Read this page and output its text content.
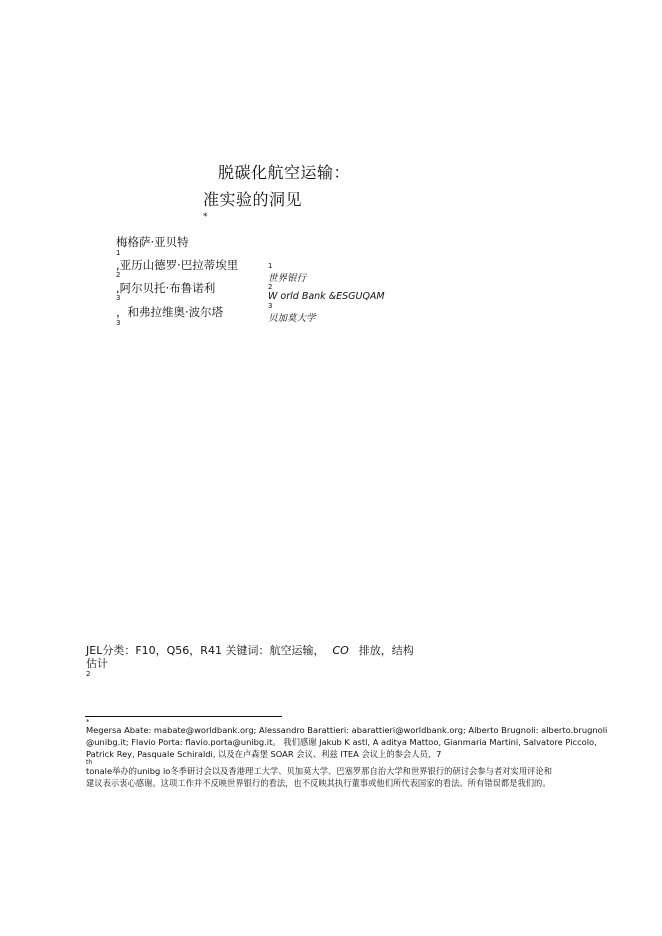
脱碳化航空运输：
准实验的洞见
*
梅格萨·亚贝特
1
,亚历山德罗·巴拉蒂埃里
2
,阿尔贝托·布鲁诺利
3
，和弗拉维奥·波尔塔
3
1
世界银行
2
W orld Bank &ESGUQAM
3
贝加莫大学
JEL分类：F10，Q56，R41 关键词：航空运输， CO 排放，结构
估计
2
*
Megersa Abate: mabate@worldbank.org; Alessandro Barattieri: abarattieri@worldbank.org; Alberto Brugnoli: alberto.brugnoli
@unibg.it; Flavio Porta: flavio.porta@unibg.it。 我们感谢 Jakub K astl, A aditya Mattoo, Gianmaria Martini, Salvatore Piccolo,
Patrick Rey, Pasquale Schiraldi, 以及在卢森堡 SOAR 会议、利兹 ITEA 会议上的参会人员，7
th
tonale举办的unibg io冬季研讨会以及香港理工大学、贝加莫大学、巴塞罗那自治大学和世界银行的研讨会参与者对实用评论和
建议表示衷心感谢。这项工作并不反映世界银行的看法，也不反映其执行董事或他们所代表国家的看法。所有错误都是我们的。
